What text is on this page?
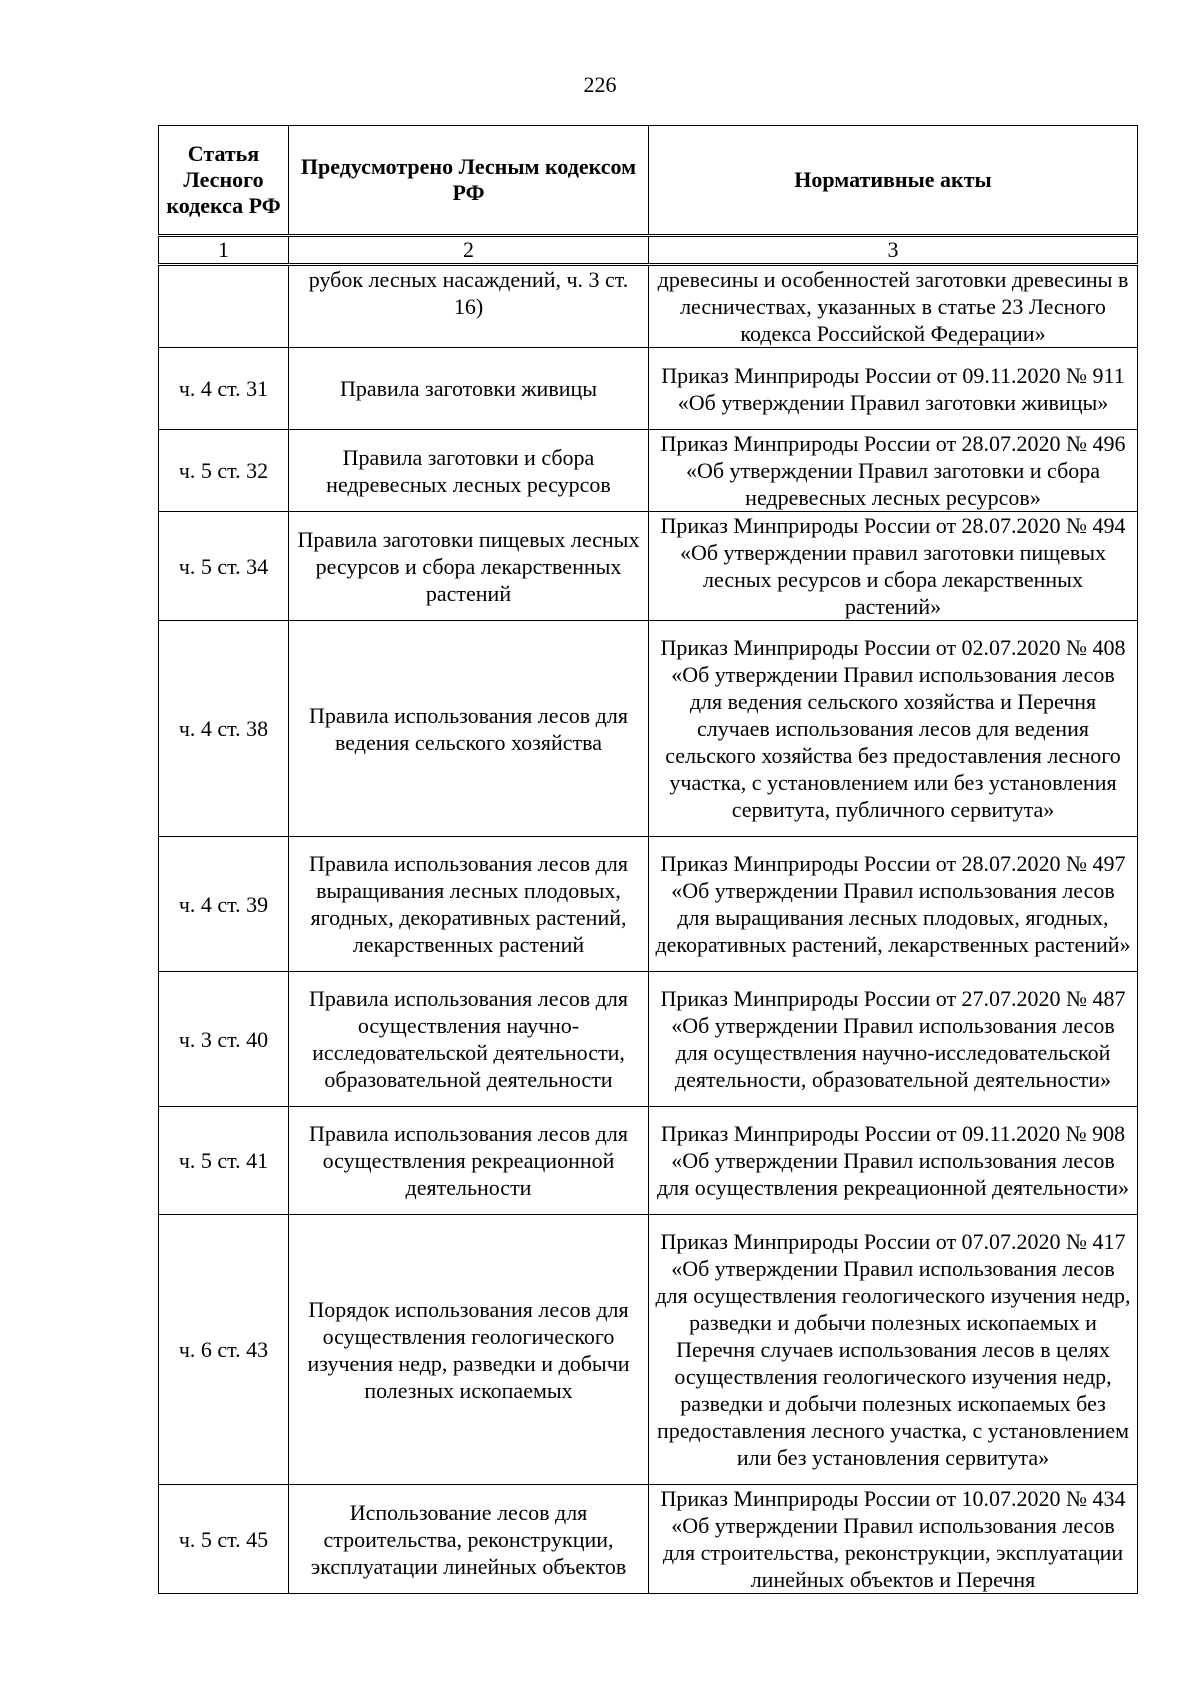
226
Статья Лесного кодекса РФ	Предусмотрено Лесным кодексом РФ	Нормативные акты
1	2	3
	рубок лесных насаждений, ч. 3 ст. 16)	древесины и особенностей заготовки древесины в лесничествах, указанных в статье 23 Лесного кодекса Российской Федерации»
ч. 4 ст. 31	Правила заготовки живицы	Приказ Минприроды России от 09.11.2020 № 911 «Об утверждении Правил заготовки живицы»
ч. 5 ст. 32	Правила заготовки и сбора недревесных лесных ресурсов	Приказ Минприроды России от 28.07.2020 № 496 «Об утверждении Правил заготовки и сбора недревесных лесных ресурсов»
ч. 5 ст. 34	Правила заготовки пищевых лесных ресурсов и сбора лекарственных растений	Приказ Минприроды России от 28.07.2020 № 494 «Об утверждении правил заготовки пищевых лесных ресурсов и сбора лекарственных растений»
ч. 4 ст. 38	Правила использования лесов для ведения сельского хозяйства	Приказ Минприроды России от 02.07.2020 № 408 «Об утверждении Правил использования лесов для ведения сельского хозяйства и Перечня случаев использования лесов для ведения сельского хозяйства без предоставления лесного участка, с установлением или без установления сервитута, публичного сервитута»
ч. 4 ст. 39	Правила использования лесов для выращивания лесных плодовых, ягодных, декоративных растений, лекарственных растений	Приказ Минприроды России от 28.07.2020 № 497 «Об утверждении Правил использования лесов для выращивания лесных плодовых, ягодных, декоративных растений, лекарственных растений»
ч. 3 ст. 40	Правила использования лесов для осуществления научно-исследовательской деятельности, образовательной деятельности	Приказ Минприроды России от 27.07.2020 № 487 «Об утверждении Правил использования лесов для осуществления научно-исследовательской деятельности, образовательной деятельности»
ч. 5 ст. 41	Правила использования лесов для осуществления рекреационной деятельности	Приказ Минприроды России от 09.11.2020 № 908 «Об утверждении Правил использования лесов для осуществления рекреационной деятельности»
ч. 6 ст. 43	Порядок использования лесов для осуществления геологического изучения недр, разведки и добычи полезных ископаемых	Приказ Минприроды России от 07.07.2020 № 417 «Об утверждении Правил использования лесов для осуществления геологического изучения недр, разведки и добычи полезных ископаемых и Перечня случаев использования лесов в целях осуществления геологического изучения недр, разведки и добычи полезных ископаемых без предоставления лесного участка, с установлением или без установления сервитута»
ч. 5 ст. 45	Использование лесов для строительства, реконструкции, эксплуатации линейных объектов	Приказ Минприроды России от 10.07.2020 № 434 «Об утверждении Правил использования лесов для строительства, реконструкции, эксплуатации линейных объектов и Перечня
